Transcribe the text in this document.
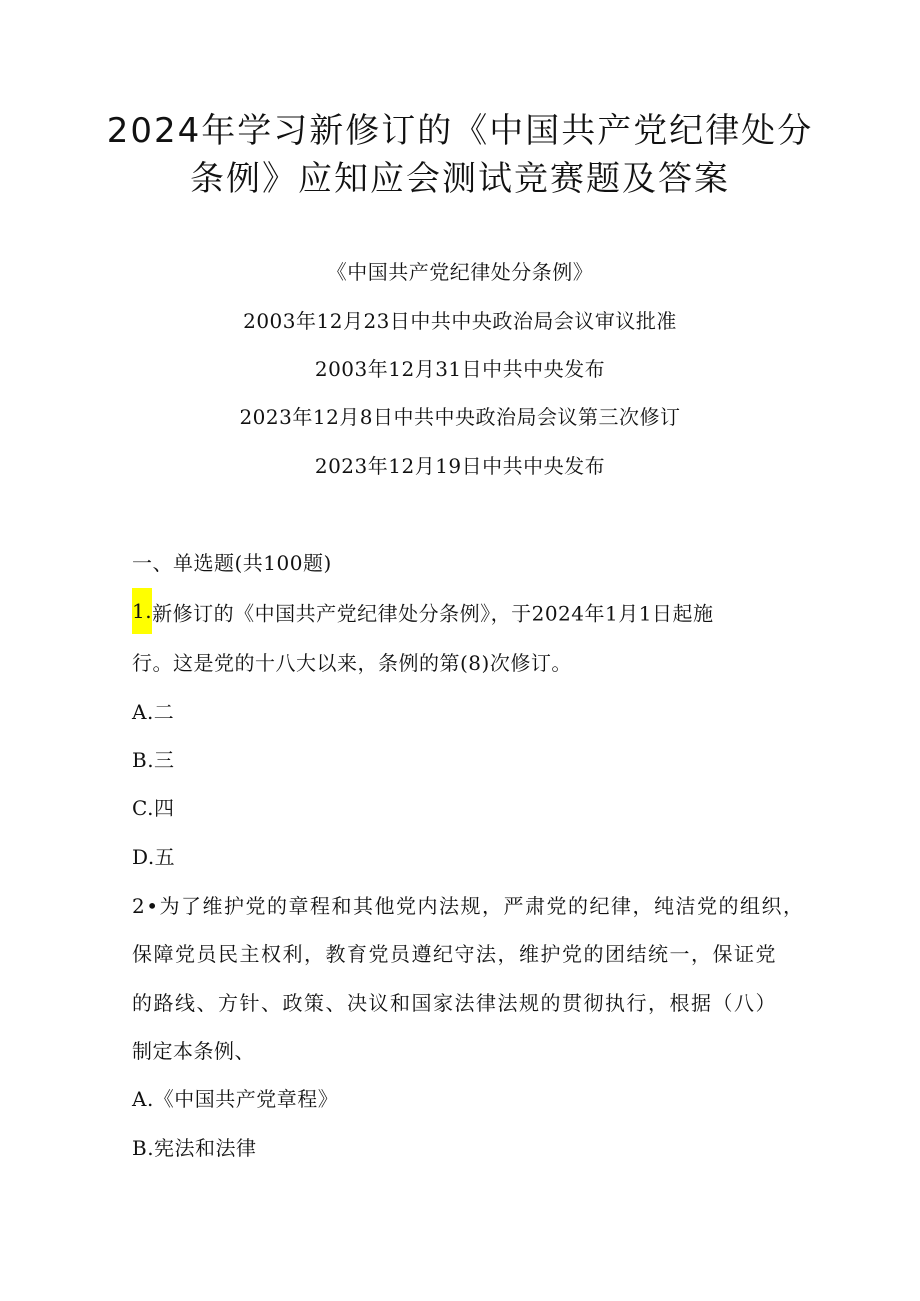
2024年学习新修订的《中国共产党纪律处分
条例》应知应会测试竞赛题及答案
《中国共产党纪律处分条例》
2003年12月23日中共中央政治局会议审议批准
2003年12月31日中共中央发布
2023年12月8日中共中央政治局会议第三次修订
2023年12月19日中共中央发布
一、单选题(共100题)
1.新修订的《中国共产党纪律处分条例》，于2024年1月1日起施
行。这是党的十八大以来，条例的第(8)次修订。
A.二
B.三
C.四
D.五
2•为了维护党的章程和其他党内法规，严肃党的纪律，纯洁党的组织，
保障党员民主权利，教育党员遵纪守法，维护党的团结统一，保证党
的路线、方针、政策、决议和国家法律法规的贯彻执行，根据（八）
制定本条例、
A.《中国共产党章程》
B.宪法和法律
